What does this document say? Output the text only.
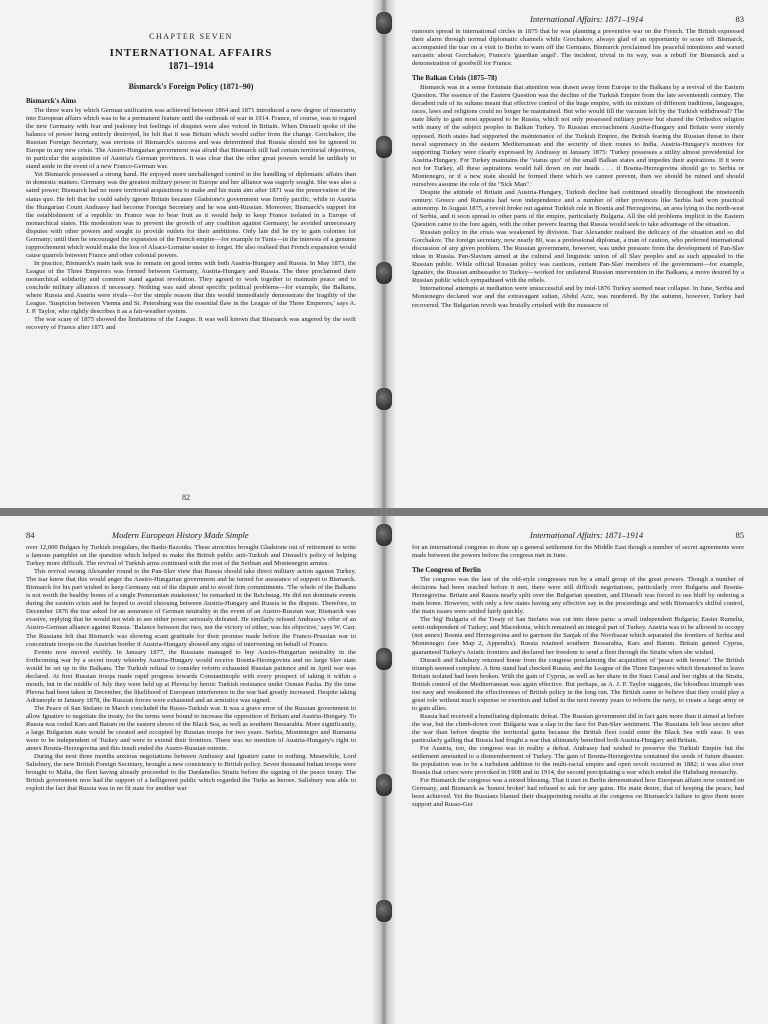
CHAPTER SEVEN
INTERNATIONAL AFFAIRS
1871–1914
Bismarck's Foreign Policy (1871–90)
Bismarck's Aims

The three wars by which German unification was achieved between 1864 and 1871 introduced a new degree of insecurity into European affairs which was to be a permanent feature until the outbreak of war in 1914. France, of course, was to regard the new Germany with fear and jealousy but feelings of disquiet were also voiced in Britain. When Disraeli spoke of the balance of power being entirely destroyed, he felt that it was Britain which would suffer from the change. Gorchakov, the Russian Foreign Secretary, was envious of Bismarck's success and was determined that Russia should not be ignored in Europe in any new crisis. The Austro-Hungarian government was afraid that Bismarck still had certain territorial objectives, in particular the acquisition of Austria's German provinces. It was clear that the other great powers would be unlikely to stand aside in the event of a new Franco-German war.

Yet Bismarck possessed a strong hand. He enjoyed more unchallenged control in the handling of diplomatic affairs than in domestic matters. Germany was the greatest military power in Europe and her alliance was eagerly sought. She was also a sated power; Bismarck had no more territorial acquisitions to make and his main aim after 1871 was the preservation of the status quo. He felt that he could safely ignore Britain because Gladstone's government was firmly pacific, while in Austria the Hungarian Count Andrassy had become Foreign Secretary and he was anti-Russian. Moreover, Bismarck's support for the establishment of a republic in France was to bear fruit as it would help to keep France isolated in a Europe of monarchical states. His moderation was to prevent the growth of any coalition against Germany; he avoided unnecessary disputes with other powers and sought to provide outlets for their ambitions. Only late did he try to gain colonies for Germany; until then he encouraged the expansion of the French empire—for example in Tunis—in the interests of a genuine rapprochement which would make the loss of Alsace-Lorraine easier to forget. He also realised that French expansion would cause quarrels between France and other colonial powers.

In practice, Bismarck's main task was to remain on good terms with both Austria-Hungary and Russia. In May 1873, the League of the Three Emperors was formed between Germany, Austria-Hungary and Russia. The three proclaimed their monarchical solidarity and common stand against revolution. They agreed to work together to maintain peace and to conclude military alliances if necessary. Nothing was said about specific political problems—for example, the Balkans, where Russia and Austria were rivals—for the simple reason that this would immediately demonstrate the fragility of the League. 'Suspicion between Vienna and St. Petersburg was the essential flaw in the League of the Three Emperors,' says A. J. P. Taylor, who rightly describes it as a fair-weather system.

The war scare of 1875 showed the limitations of the League. It was well known that Bismarck was angered by the swift recovery of France after 1871 and

82
International Affairs: 1871–1914	83

rumours spread in international circles in 1875 that he was planning a preventive war on the French. The British expressed their alarm through normal diplomatic channels while Gorchakov, always glad of an opportunity to score off Bismarck, accompanied the tsar on a visit to Berlin to warn off the Germans. Bismarck proclaimed his peaceful intentions and waxed sarcastic about Gorchakov, France's 'guardian angel'. The incident, trivial in its way, was a rebuff for Bismarck and a demonstration of goodwill for France.

The Balkan Crisis (1875–78)

Bismarck was in a sense fortunate that attention was drawn away from Europe to the Balkans by a revival of the Eastern Question. The essence of the Eastern Question was the decline of the Turkish Empire from the late seventeenth century. The decadent rule of its sultans meant that effective control of the huge empire, with its mixture of different traditions, languages, races, laws and religions could no longer be maintained. But who would fill the vacuum left by the Turkish withdrawal? The state likely to gain most appeared to be Russia, which not only possessed military power but shared the Orthodox religion with many of the subject peoples in Balkan Turkey. To Russian encroachment Austria-Hungary and Britain were sternly opposed. Both states had supported the maintenance of the Turkish Empire, the British fearing the Russian threat to their naval supremacy in the eastern Mediterranean and the security of their routes to India. Austria-Hungary's motives for supporting Turkey were clearly expressed by Andrassy in January 1875: 'Turkey possesses a utility almost providential for Austria-Hungary. For Turkey maintains the "status quo" of the small Balkan states and impedes their aspirations. If it were not for Turkey, all these aspirations would fall down on our heads . . . if Bosnia-Herzegovina should go to Serbia or Montenegro, or if a new state should be formed there which we cannot prevent, then we should be ruined and should ourselves assume the role of the "Sick Man".'

Despite the attitude of Britain and Austria-Hungary, Turkish decline had continued steadily throughout the nineteenth century. Greece and Rumania had won independence and a number of other provinces like Serbia had won practical autonomy. In August 1875, a revolt broke out against Turkish rule in Bosnia and Herzegovina, an area lying to the north-west of Serbia, and it soon spread to other parts of the empire, particularly Bulgaria. All the old problems implicit in the Eastern Question came to the fore again, with the other powers fearing that Russia would seek to take advantage of the situation.

Russian policy in the crisis was weakened by division. Tsar Alexander realised the delicacy of the situation and so did Gorchakov. The foreign secretary, now nearly 80, was a professional diplomat, a man of caution, who preferred international discussion of any given problem. The Russian government, however, was under pressure from the development of Pan-Slav ideas in Russia. Pan-Slavism aimed at the cultural and linguistic union of all Slav peoples and as such appealed to the Russian public. While official Russian policy was cautious, certain Pan-Slav members of the government—for example, Ignatiev, the Russian ambassador to Turkey—worked for unilateral Russian intervention in the Balkans, a move desired by a Russian public which sympathised with the rebels.

International attempts at mediation were unsuccessful and by mid-1876 Turkey seemed near collapse. In June, Serbia and Montenegro declared war and the extravagant sultan, Abdul Aziz, was murdered. By the autumn, however, Turkey had recovered. The Bulgarian revolt was brutally crushed with the massacre of

84	Modern European History Made Simple

over 12,000 Bulgars by Turkish irregulars, the Bashi-Bazouks. These atrocities brought Gladstone out of retirement to write a famous pamphlet on the question which helped to make the British public anti-Turkish and Disraeli's policy of helping Turkey more difficult. The revival of Turkish arms continued with the rout of the Serbian and Montenegrin armies.

This revival swung Alexander round to the Pan-Slav view that Russia should take direct military action against Turkey. The tsar knew that this would anger the Austro-Hungarian government and he turned for assurance of support to Bismarck. Bismarck for his part wished to keep Germany out of the dispute and to avoid firm commitments. 'The whole of the Balkans is not worth the healthy bones of a single Pomeranian musketeer,' he remarked in the Reichstag. He did not dominate events during the eastern crisis and he hoped to avoid choosing between Austria-Hungary and Russia in the dispute. Therefore, in December 1876 the tzar asked for an assurance of German neutrality in the event of an Austro-Russian war, Bismarck was evasive, replying that he would not wish to see either power seriously defeated. He similarly refused Andrassy's offer of an Austro-German alliance against Russia. 'Balance between the two, not the victory of either, was his objective,' says W. Carr. The Russians felt that Bismarck was showing scant gratitude for their promise made before the Franco-Prussian war to concentrate troops on the Austrian border if Austria-Hungary showed any signs of intervening on behalf of France.

Events now moved swiftly. In January 1877, the Russians managed to buy Austro-Hungarian neutrality in the forthcoming war by a secret treaty whereby Austria-Hungary would receive Bosnia-Herzegovina and no large Slav state would be set up in the Balkans. The Turkish refusal to consider reform exhausted Russian patience and in April war was declared. At first Russian troops made rapid progress towards Constantinople with every prospect of taking it within a month, but in the middle of July they were held up at Plevna by heroic Turkish resistance under Osman Pasha. By the time Plevna had been taken in December, the likelihood of European interference in the war had greatly increased. Despite taking Adrianople in January 1878, the Russian forces were exhausted and an armistice was signed.

The Peace of San Stefano in March concluded the Russo-Turkish war. It was a grave error of the Russian government to allow Ignatiev to negotiate the treaty, for the terms were bound to increase the opposition of Britain and Austria-Hungary. To Russia was ceded Kars and Batum on the eastern shores of the Black Sea, as well as southern Bessarabia. More significantly, a large Bulgarian state would be created and occupied by Russian troops for two years. Serbia, Montenegro and Rumania were to be independent of Turkey and were to extend their frontiers. There was no mention of Austria-Hungary's right to annex Bosnia-Herzegovina and this insult ended the Austro-Russian entente.

During the next three months anxious negotiations between Andrassy and Ignatiev came to nothing. Meanwhile, Lord Salisbury, the new British Foreign Secretary, brought a new consistency to British policy. Seven thousand Indian troops were brought to Malta, the fleet having already proceeded to the Dardanelles Straits before the signing of the peace treaty. The British government now had the support of a belligerent public which regarded the Turks as heroes. Salisbury was able to exploit the fact that Russia was in no fit state for another war

International Affairs: 1871–1914	85

for an international congress to draw up a general settlement for the Middle East though a number of secret agreements were made between the powers before the congress met in June.

The Congress of Berlin

The congress was the last of the old-style congresses run by a small group of the great powers. Though a number of decisions had been reached before it met, there were still difficult negotiations, particularly over Bulgaria and Bosnia-Herzegovina. Britain and Russia nearly split over the Bulgarian question, and Disraeli was forced to use bluff by ordering a train home. However, with only a few states having any effective say in the proceedings and with Bismarck's skilful control, the main issues were settled fairly quickly.

The 'big' Bulgaria of the Treaty of San Stefano was cut into three parts: a small independent Bulgaria; Easter Rumelia, semi-independent of Turkey; and Macedonia, which remained an integral part of Turkey. Austria was to be allowed to occupy (not annex) Bosnia and Herzegovina and to garrison the Sanjak of the Novibazar which separated the frontiers of Serbia and Montenegro (see Map 2, Appendix). Russia retained southern Bessarabia, Kars and Batum. Britain gained Cyprus, guaranteed Turkey's Asiatic frontiers and declared her freedom to send a fleet through the Straits when she wished.

Disraeli and Salisbury returned home from the congress proclaiming the acquisition of 'peace with honour'. The British triumph seemed complete. A firm stand had checked Russia, and the League of the Three Emperors which threatened to leave Britain isolated had been broken. With the gain of Cyprus, as well as her share in the Suez Canal and her rights at the Straits, British control of the Mediterranean was again effective. But perhaps, as A. J. P. Taylor suggests, the bloodless triumph was too easy and weakened the effectiveness of British policy in the long run. The British came to believe that they could play a great role without much expense or exertion and failed in the next twenty years to reform the navy, to create a large army or to gain allies.

Russia had received a humiliating diplomatic defeat. The Russian government did in fact gain more than it aimed at before the war, but the climb-down over Bulgaria was a slap in the face for Pan-Slav sentiment. The Russians felt less secure after the war than before despite the territorial gains because the British fleet could enter the Black Sea with ease. It was particularly galling that Russia had fought a war that ultimately benefited both Austria-Hungary and Britain.

For Austria, too, the congress was in reality a defeat. Andrassy had wished to preserve the Turkish Empire but the settlement amounted to a dismemberment of Turkey. The gain of Bosnia-Herzegovina contained the seeds of future disaster. Its population was to be a turbulent addition to the multi-racial empire and open revolt occurred in 1882; it was also over Bosnia that crises were provoked in 1908 and in 1914, the second precipitating a war which ended the Habsburg monarchy.

For Bismarck the congress was a mixed blessing. That it met in Berlin demonstrated how European affairs now centred on Germany, and Bismarck as 'honest broker' had refused to ask for any gains. His main desire, that of keeping the peace, had been achieved. Yet the Russians blamed their disappointing results at the congress on Bismarck's failure to give them more support and Russo-Ger
